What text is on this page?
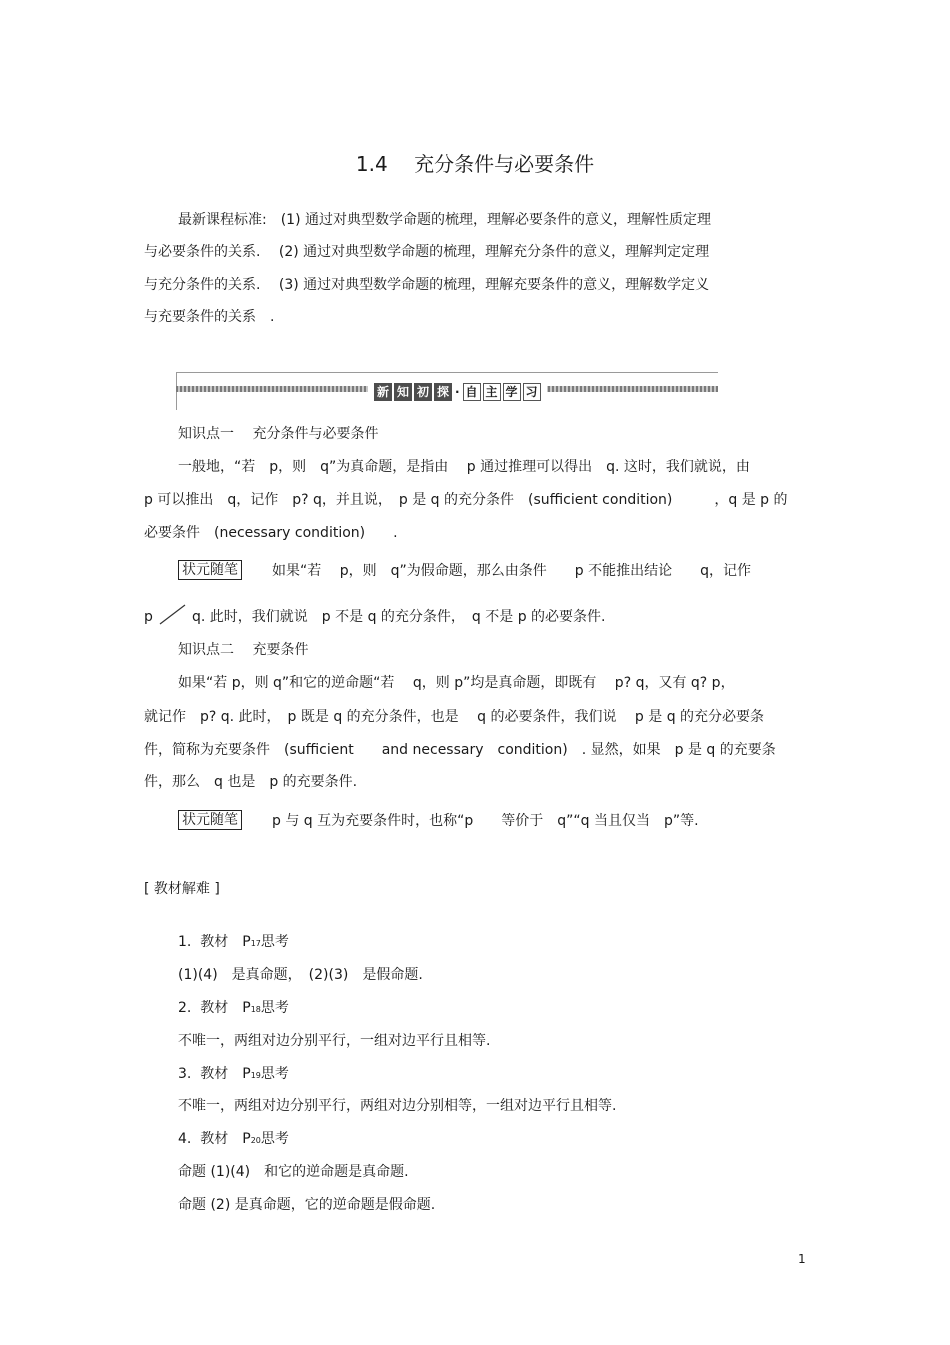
1.4　 充分条件与必要条件
最新课程标准:　(1) 通过对典型数学命题的梳理，理解必要条件的意义，理解性质定理
与必要条件的关系.　 (2) 通过对典型数学命题的梳理，理解充分条件的意义，理解判定定理
与充分条件的关系.　 (3) 通过对典型数学命题的梳理，理解充要条件的意义，理解数学定义
与充要条件的关系　.
新 知 初 探 · 自 主 学 习
知识点一　 充分条件与必要条件
一般地，“若　p，则　q”为真命题，是指由　 p 通过推理可以得出　q. 这时，我们就说，由
p 可以推出　q，记作　p? q，并且说，　p 是 q 的充分条件　(sufficient condition)　　　，q 是 p 的
必要条件　(necessary condition)　　.
状元随笔 如果“若　 p，则　q”为假命题，那么由条件　　p 不能推出结论　　q，记作
p	q. 此时，我们就说　p 不是 q 的充分条件，　q 不是 p 的必要条件.
知识点二　 充要条件
如果“若 p，则 q”和它的逆命题“若　 q，则 p”均是真命题，即既有　 p? q，又有 q? p，
就记作　p? q. 此时，　p 既是 q 的充分条件，也是　 q 的必要条件，我们说　 p 是 q 的充分必要条
件，简称为充要条件　(sufficient　　and necessary　condition)　. 显然，如果　p 是 q 的充要条
件，那么　q 也是　p 的充要条件.
状元随笔 p 与 q 互为充要条件时，也称“p　　等价于　q”“q 当且仅当　p”等.
[ 教材解难 ]
1.  教材　P17思考
(1)(4)　是真命题，　(2)(3)　是假命题.
2.  教材　P18思考
不唯一，两组对边分别平行，一组对边平行且相等.
3.  教材　P19思考
不唯一，两组对边分别平行，两组对边分别相等，一组对边平行且相等.
4.  教材　P20思考
命题 (1)(4)　和它的逆命题是真命题.
命题 (2) 是真命题，它的逆命题是假命题.
1
